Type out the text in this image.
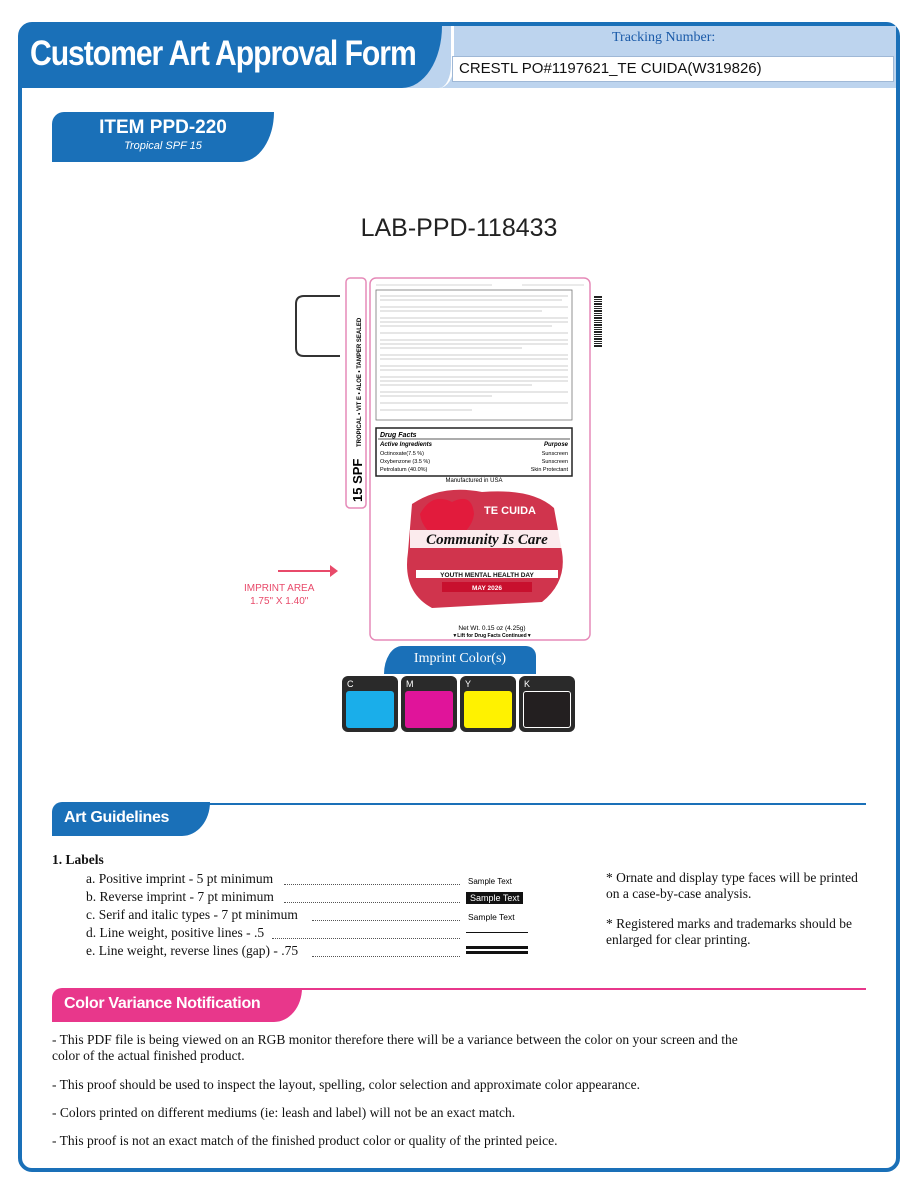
Customer Art Approval Form	Tracking Number:
CRESTL PO#1197621_TE CUIDA(W319826)
ITEM PPD-220
Tropical SPF 15
LAB-PPD-118433
Drug Facts
Active Ingredients	Purpose
Octinoxate(7.5 %)	Sunscreen
Oxybenzone (3.5 %)	Sunscreen
Petrolatum (40.0%)	Skin Protectant
Manufactured in USA
TROPICAL • VIT E • ALOE • TAMPER SEALED
15 SPF
TE CUIDA
Community Is Care
YOUTH MENTAL HEALTH DAY
MAY 2026
Net Wt. 0.15 oz (4.25g)
▼Lift for Drug Facts Continued▼
IMPRINT AREA
1.75" X 1.40"
Imprint Color(s)
C	M	Y	K
Art Guidelines
1. Labels
a. Positive imprint - 5 pt minimum
b. Reverse imprint - 7 pt minimum
c. Serif and italic types - 7 pt minimum
d. Line weight, positive lines - .5
e. Line weight, reverse lines (gap) - .75
Sample Text
Sample Text
Sample Text
* Ornate and display type faces will be printed on a case-by-case analysis.
* Registered marks and trademarks should be enlarged for clear printing.
Color Variance Notification
- This PDF file is being viewed on an RGB monitor therefore there will be a variance between the color on your screen and the color of the actual finished product.
- This proof should be used to inspect the layout, spelling, color selection and approximate color appearance.
- Colors printed on different mediums (ie: leash and label) will not be an exact match.
- This proof is not an exact match of the finished product color or quality of the printed peice.
